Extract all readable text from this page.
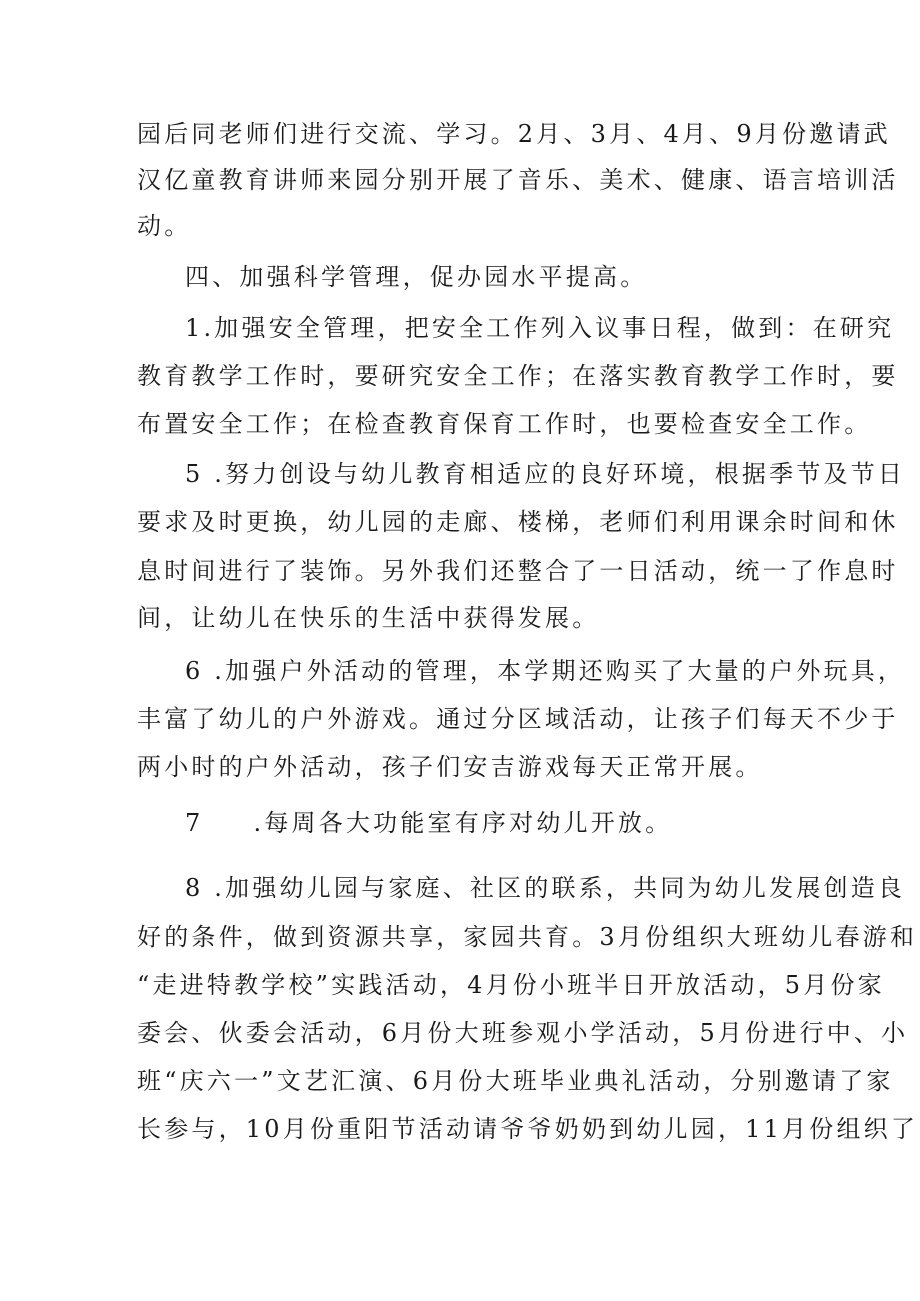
园后同老师们进行交流、学习。2月、3月、4月、9月份邀请武
汉亿童教育讲师来园分别开展了音乐、美术、健康、语言培训活
动。
四、加强科学管理，促办园水平提高。
1.加强安全管理，把安全工作列入议事日程，做到：在研究
教育教学工作时，要研究安全工作；在落实教育教学工作时，要
布置安全工作；在检查教育保育工作时，也要检查安全工作。
5 .努力创设与幼儿教育相适应的良好环境，根据季节及节日
要求及时更换，幼儿园的走廊、楼梯，老师们利用课余时间和休
息时间进行了装饰。另外我们还整合了一日活动，统一了作息时
间，让幼儿在快乐的生活中获得发展。
6 .加强户外活动的管理，本学期还购买了大量的户外玩具，
丰富了幼儿的户外游戏。通过分区域活动，让孩子们每天不少于
两小时的户外活动，孩子们安吉游戏每天正常开展。
7 .每周各大功能室有序对幼儿开放。
8 .加强幼儿园与家庭、社区的联系，共同为幼儿发展创造良
好的条件，做到资源共享，家园共育。3月份组织大班幼儿春游和
“走进特教学校”实践活动，4月份小班半日开放活动，5月份家
委会、伙委会活动，6月份大班参观小学活动，5月份进行中、小
班“庆六一”文艺汇演、6月份大班毕业典礼活动，分别邀请了家
长参与，10月份重阳节活动请爷爷奶奶到幼儿园，11月份组织了
